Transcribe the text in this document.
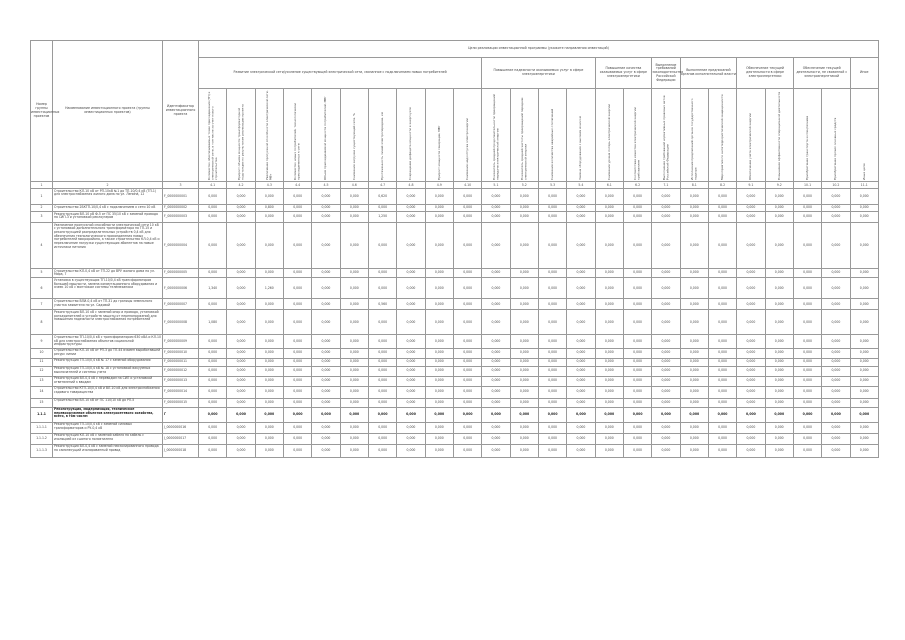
Номер группы инвестиционных проектов	Наименование инвестиционного проекта (группы инвестиционных проектов)	Идентификатор инвестиционного проекта	Цели реализации инвестиционной программы (укажите направления инвестиций)																							
			Развитие электрической сети/усиление существующей электрической сети, связанное с подключением новых потребителей										Повышение надежности оказываемых услуг в сфере электроэнергетики				Повышение качества оказываемых услуг в сфере электроэнергетики		Выполнение требований законодательства Российской Федерации	Выполнение предписаний органов исполнительной власти		Обеспечение текущей деятельности в сфере электроэнергетики		Обеспечение текущей деятельности, не связанной с электроэнергетикой		Иное

			Количество обеспечиваемых точек присоединения (ТП) к электрической сети, в том числе за счет нового строительства	Прирост объема мощности трансформаторной подстанции по результатам реализации проекта	Увеличение пропускной способности электрической сети, МВт	Количество новых потребителей, технологически присоединенных к сети	Объем присоединяемой мощности потребителей, МВт	Снижение загрузки существующей сети, %	Протяженность линий электропередачи, км	Сокращение дефицита мощности в энергоузле	Прирост мощности генерации, МВт	Снижение недоотпуска электроэнергии	Показатель средней продолжительности прекращений передачи электрической энергии	Показатель средней частоты прекращений передачи электрической энергии	Снижение количества аварийных отключений	Замена оборудования с высоким износом	Снижение уровня потерь электрической энергии	Соответствие качества электрической энергии требованиям	Выполнение требований нормативных правовых актов Российской Федерации	Исполнение предписаний органов государственного надзора	Мероприятия по антитеррористической защищенности	Обеспечение учета электрической энергии	Повышение эффективности операционной деятельности	Приобретение транспорта и спецтехники	Приобретение прочих основных средств	Иные цели

1	2	3	4.1	4.2	4.3	4.4	4.5	4.6	4.7	4.8	4.9	4.10	5.1	5.2	5.3	5.4	6.1	6.2	7.1	8.1	8.2	9.1	9.2	10.1	10.2	11.1
1	Строительство КЛ-10 кВ от РП-10кВ №1 до ТП-10/0,4 кВ (ТП-1) для электроснабжения жилого дома по ул. Ленина, 12	F_0000000001	0,000	0,000	0,000	0,000	0,000	0,000	0,620	0,000	0,000	0,000	0,000	0,000	0,000	0,000	0,000	0,000	0,000	0,000	0,000	0,000	0,000	0,000	0,000	0,000
2	Строительство 2БКТП-10/0,4 кВ с подключением к сети 10 кВ	F_0000000002	0,000	0,000	0,800	0,000	0,000	0,000	0,000	0,000	0,000	0,000	0,000	0,000	0,000	0,000	0,000	0,000	0,000	0,000	0,000	0,000	0,000	0,000	0,000	0,000
3	Реконструкция ВЛ-10 кВ Ф-5 от ПС 35/10 кВ с заменой провода на СИП-3 и установкой реклоузеров	F_0000000003	0,000	0,000	0,000	0,000	0,000	0,000	1,250	0,000	0,000	0,000	0,000	0,000	0,000	0,000	0,000	0,000	0,000	0,000	0,000	0,000	0,000	0,000	0,000	0,000
4	Увеличение пропускной способности электрической сети 10 кВ с установкой дополнительного трансформатора на ТП-15 и реконструкцией распределительных устройств 0,4 кВ для обеспечения технологического присоединения новых потребителей микрорайона, а также строительство КЛ-0,4 кВ и переключение нагрузки существующих абонентов на новые источники питания	F_0000000004	0,000	0,000	0,000	0,000	0,000	0,000	0,000	0,000	0,000	0,000	0,000	0,000	0,000	0,000	0,000	0,000	0,000	0,000	0,000	0,000	0,000	0,000	0,000	0,000
5	Строительство КЛ-0,4 кВ от ТП-22 до ВРУ жилого дома по ул. Мира, 7	F_0000000005	0,000	0,000	0,000	0,000	0,000	0,000	0,000	0,000	0,000	0,000	0,000	0,000	0,000	0,000	0,000	0,000	0,000	0,000	0,000	0,000	0,000	0,000	0,000	0,000
6	Установка в существующих ТП-10/0,4 кВ трансформаторов большей мощности, замена коммутационного оборудования и ячеек 10 кВ с монтажом системы телемеханики	F_0000000006	1,340	0,000	1,260	0,000	0,000	0,000	0,000	0,000	0,000	0,000	0,000	0,000	0,000	0,000	0,000	0,000	0,000	0,000	0,000	0,000	0,000	0,000	0,000	0,000
7	Строительство ВЛИ-0,4 кВ от ТП-31 до границы земельного участка заявителя по ул. Садовой	F_0000000007	0,000	0,000	0,000	0,000	0,000	0,000	0,560	0,000	0,000	0,000	0,000	0,000	0,000	0,000	0,000	0,000	0,000	0,000	0,000	0,000	0,000	0,000	0,000	0,000
8	Реконструкция ВЛ-10 кВ с заменой опор и провода, установкой разъединителей и устройств защиты от перенапряжений для повышения надежности электроснабжения потребителей	F_0000000008	1,080	0,000	0,000	0,000	0,000	0,000	0,000	0,000	0,000	0,000	0,000	0,000	0,000	0,000	0,000	0,000	0,000	0,000	0,000	0,000	0,000	0,000	0,000	0,000
9	Строительство ТП-10/0,4 кВ с трансформатором 630 кВА и КЛ-10 кВ для электроснабжения объектов социальной инфраструктуры	F_0000000009	0,000	0,000	0,000	0,000	0,000	0,000	0,000	0,000	0,000	0,000	0,000	0,000	0,000	0,000	0,000	0,000	0,000	0,000	0,000	0,000	0,000	0,000	0,000	0,000
10	Строительство КЛ-10 кВ от РП-3 до ТП-44 взамен выработавшей ресурс линии	F_0000000010	0,000	0,000	0,000	0,000	0,000	0,000	0,000	0,000	0,000	0,000	0,000	0,000	0,000	0,000	0,000	0,000	0,000	0,000	0,000	0,000	0,000	0,000	0,000	0,000
11	Реконструкция ТП-10/0,4 кВ № 17 с заменой оборудования	F_0000000011	0,000	0,000	0,000	0,000	0,000	0,000	0,000	0,000	0,000	0,000	0,000	0,000	0,000	0,000	0,000	0,000	0,000	0,000	0,000	0,000	0,000	0,000	0,000	0,000
12	Реконструкция ТП-10/0,4 кВ № 18 с установкой вакуумных выключателей и системы учета	F_0000000012	0,000	0,000	0,000	0,000	0,000	0,000	0,000	0,000	0,000	0,000	0,000	0,000	0,000	0,000	0,000	0,000	0,000	0,000	0,000	0,000	0,000	0,000	0,000	0,000
13	Реконструкция ВЛ-0,4 кВ с переводом на СИП и установкой ответвлений к вводам	F_0000000013	0,000	0,000	0,000	0,000	0,000	0,000	0,000	0,000	0,000	0,000	0,000	0,000	0,000	0,000	0,000	0,000	0,000	0,000	0,000	0,000	0,000	0,000	0,000	0,000
14	Строительство КТП-10/0,4 кВ и ВЛ-10 кВ для электроснабжения садового товарищества	F_0000000014	0,000	0,000	0,000	0,000	0,000	0,000	0,000	0,000	0,000	0,000	0,000	0,000	0,000	0,000	0,000	0,000	0,000	0,000	0,000	0,000	0,000	0,000	0,000	0,000
15	Строительство ВЛ-10 кВ от ПС 110/10 кВ до РП-5	F_0000000015	0,000	0,000	0,000	0,000	0,000	0,000	0,000	0,000	0,000	0,000	0,000	0,000	0,000	0,000	0,000	0,000	0,000	0,000	0,000	0,000	0,000	0,000	0,000	0,000
1.1.1	Реконструкция, модернизация, техническое перевооружение объектов электросетевого хозяйства, всего, в том числе:	Г	0,000	0,000	0,000	0,000	0,000	0,000	0,000	0,000	0,000	0,000	0,000	0,000	0,000	0,000	0,000	0,000	0,000	0,000	0,000	0,000	0,000	0,000	0,000	0,000
1.1.1.1	Реконструкция ТП-10/0,4 кВ с заменой силовых трансформаторов и РУ-0,4 кВ	J_0000000016	0,000	0,000	0,000	0,000	0,000	0,000	0,000	0,000	0,000	0,000	0,000	0,000	0,000	0,000	0,000	0,000	0,000	0,000	0,000	0,000	0,000	0,000	0,000	0,000
1.1.1.2	Реконструкция КЛ-10 кВ с заменой кабеля на кабель с изоляцией из сшитого полиэтилена	J_0000000017	0,000	0,000	0,000	0,000	0,000	0,000	0,000	0,000	0,000	0,000	0,000	0,000	0,000	0,000	0,000	0,000	0,000	0,000	0,000	0,000	0,000	0,000	0,000	0,000
1.1.1.3	Реконструкция ВЛ-0,4 кВ с заменой неизолированного провода на самонесущий изолированный провод	J_0000000018	0,000	0,000	0,000	0,000	0,000	0,000	0,000	0,000	0,000	0,000	0,000	0,000	0,000	0,000	0,000	0,000	0,000	0,000	0,000	0,000	0,000	0,000	0,000	0,000
